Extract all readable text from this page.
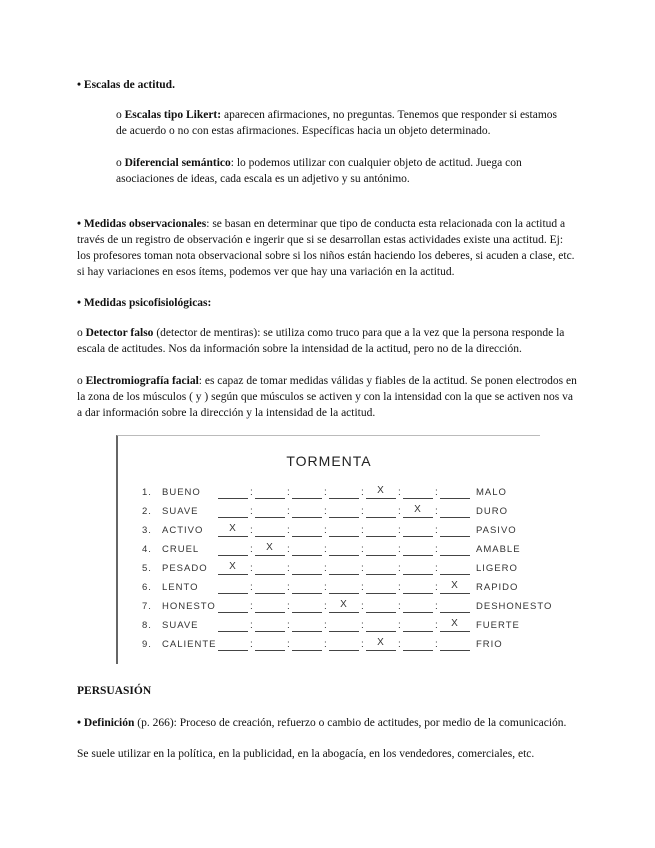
• Escalas de actitud.
o Escalas tipo Likert: aparecen afirmaciones, no preguntas. Tenemos que responder si estamos de acuerdo o no con estas afirmaciones. Específicas hacia un objeto determinado.
o Diferencial semántico: lo podemos utilizar con cualquier objeto de actitud. Juega con asociaciones de ideas, cada escala es un adjetivo y su antónimo.
• Medidas observacionales: se basan en determinar que tipo de conducta esta relacionada con la actitud a través de un registro de observación e ingerir que si se desarrollan estas actividades existe una actitud. Ej: los profesores toman nota observacional sobre si los niños están haciendo los deberes, si acuden a clase, etc. si hay variaciones en esos ítems, podemos ver que hay una variación en la actitud.
• Medidas psicofisiológicas:
o Detector falso (detector de mentiras): se utiliza como truco para que a la vez que la persona responde la escala de actitudes. Nos da información sobre la intensidad de la actitud, pero no de la dirección.
o Electromiografía facial: es capaz de tomar medidas válidas y fiables de la actitud. Se ponen electrodos en la zona de los músculos ( y ) según que músculos se activen y con la intensidad con la que se activen nos va a dar información sobre la dirección y la intensidad de la actitud.
TORMENTA
1. BUENO	:	:	:	:	X	:	:	MALO
2. SUAVE	:	:	:	:	:	X	:	DURO
3. ACTIVO	X	:	:	:	:	:	:	PASIVO
4. CRUEL	:	X	:	:	:	:	:	AMABLE
5. PESADO	X	:	:	:	:	:	:	LIGERO
6. LENTO	:	:	:	:	:	:	X	RAPIDO
7. HONESTO	:	:	:	X	:	:	:	DESHONESTO
8. SUAVE	:	:	:	:	:	:	X	FUERTE
9. CALIENTE	:	:	:	:	X	:	:	FRIO
PERSUASIÓN
• Definición (p. 266): Proceso de creación, refuerzo o cambio de actitudes, por medio de la comunicación.
Se suele utilizar en la política, en la publicidad, en la abogacía, en los vendedores, comerciales, etc.
